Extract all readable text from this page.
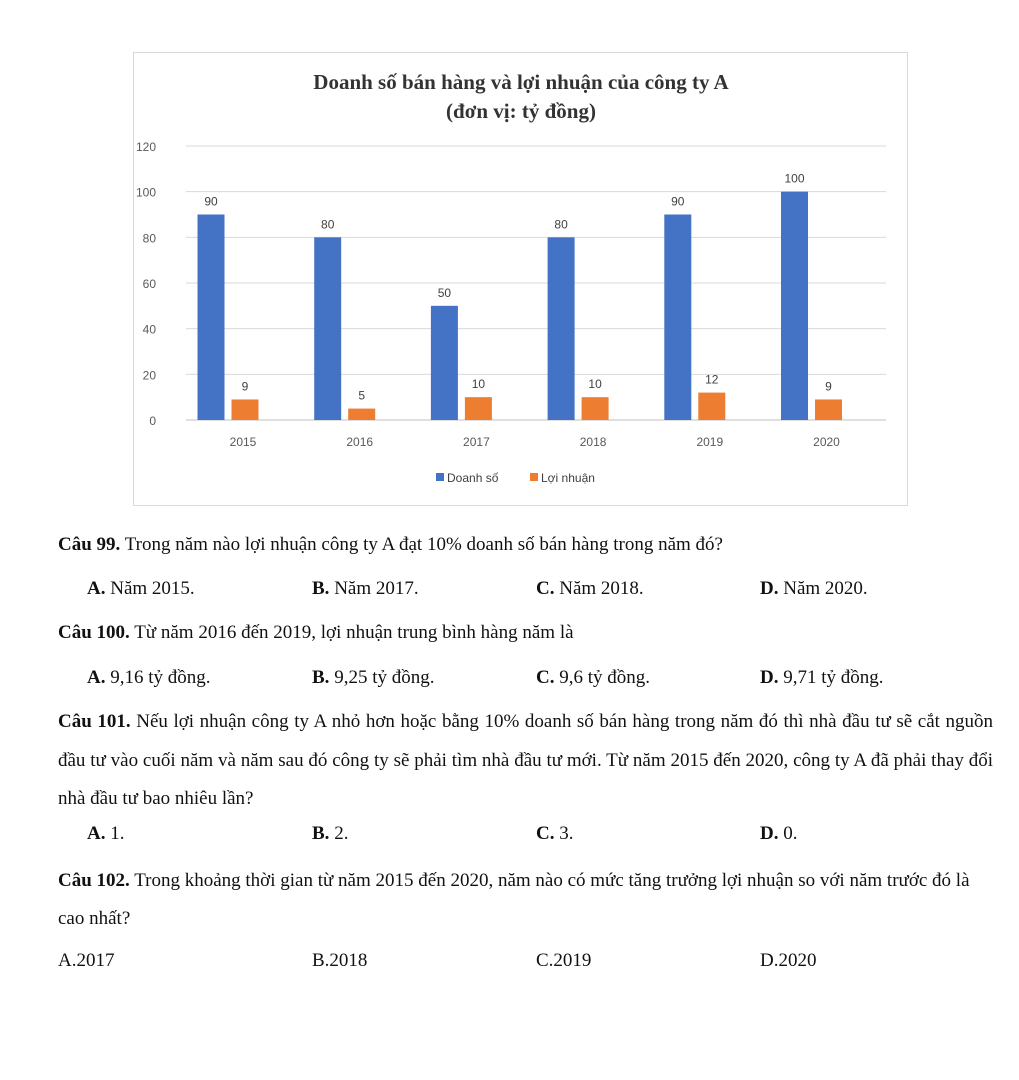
Doanh số bán hàng và lợi nhuận của công ty A
(đơn vị: tỷ đồng)
0
20
40
60
80
100
120
90
9
2015
80
5
2016
50
10
2017
80
10
2018
90
12
2019
100
9
2020
Doanh số	Lợi nhuận
Câu 99. Trong năm nào lợi nhuận công ty A đạt 10% doanh số bán hàng trong năm đó?
A. Năm 2015.	B. Năm 2017.	C. Năm 2018.	D. Năm 2020.
Câu 100. Từ năm 2016 đến 2019, lợi nhuận trung bình hàng năm là
A. 9,16 tỷ đồng.	B. 9,25 tỷ đồng.	C. 9,6 tỷ đồng.	D. 9,71 tỷ đồng.
Câu 101. Nếu lợi nhuận công ty A nhỏ hơn hoặc bằng 10% doanh số bán hàng trong năm đó thì nhà đầu tư sẽ cắt nguồn đầu tư vào cuối năm và năm sau đó công ty sẽ phải tìm nhà đầu tư mới. Từ năm 2015 đến 2020, công ty A đã phải thay đổi nhà đầu tư bao nhiêu lần?
A. 1.	B. 2.	C. 3.	D. 0.
Câu 102. Trong khoảng thời gian từ năm 2015 đến 2020, năm nào có mức tăng trưởng lợi nhuận so với năm trước đó là cao nhất?
A.2017	B.2018	C.2019	D.2020
